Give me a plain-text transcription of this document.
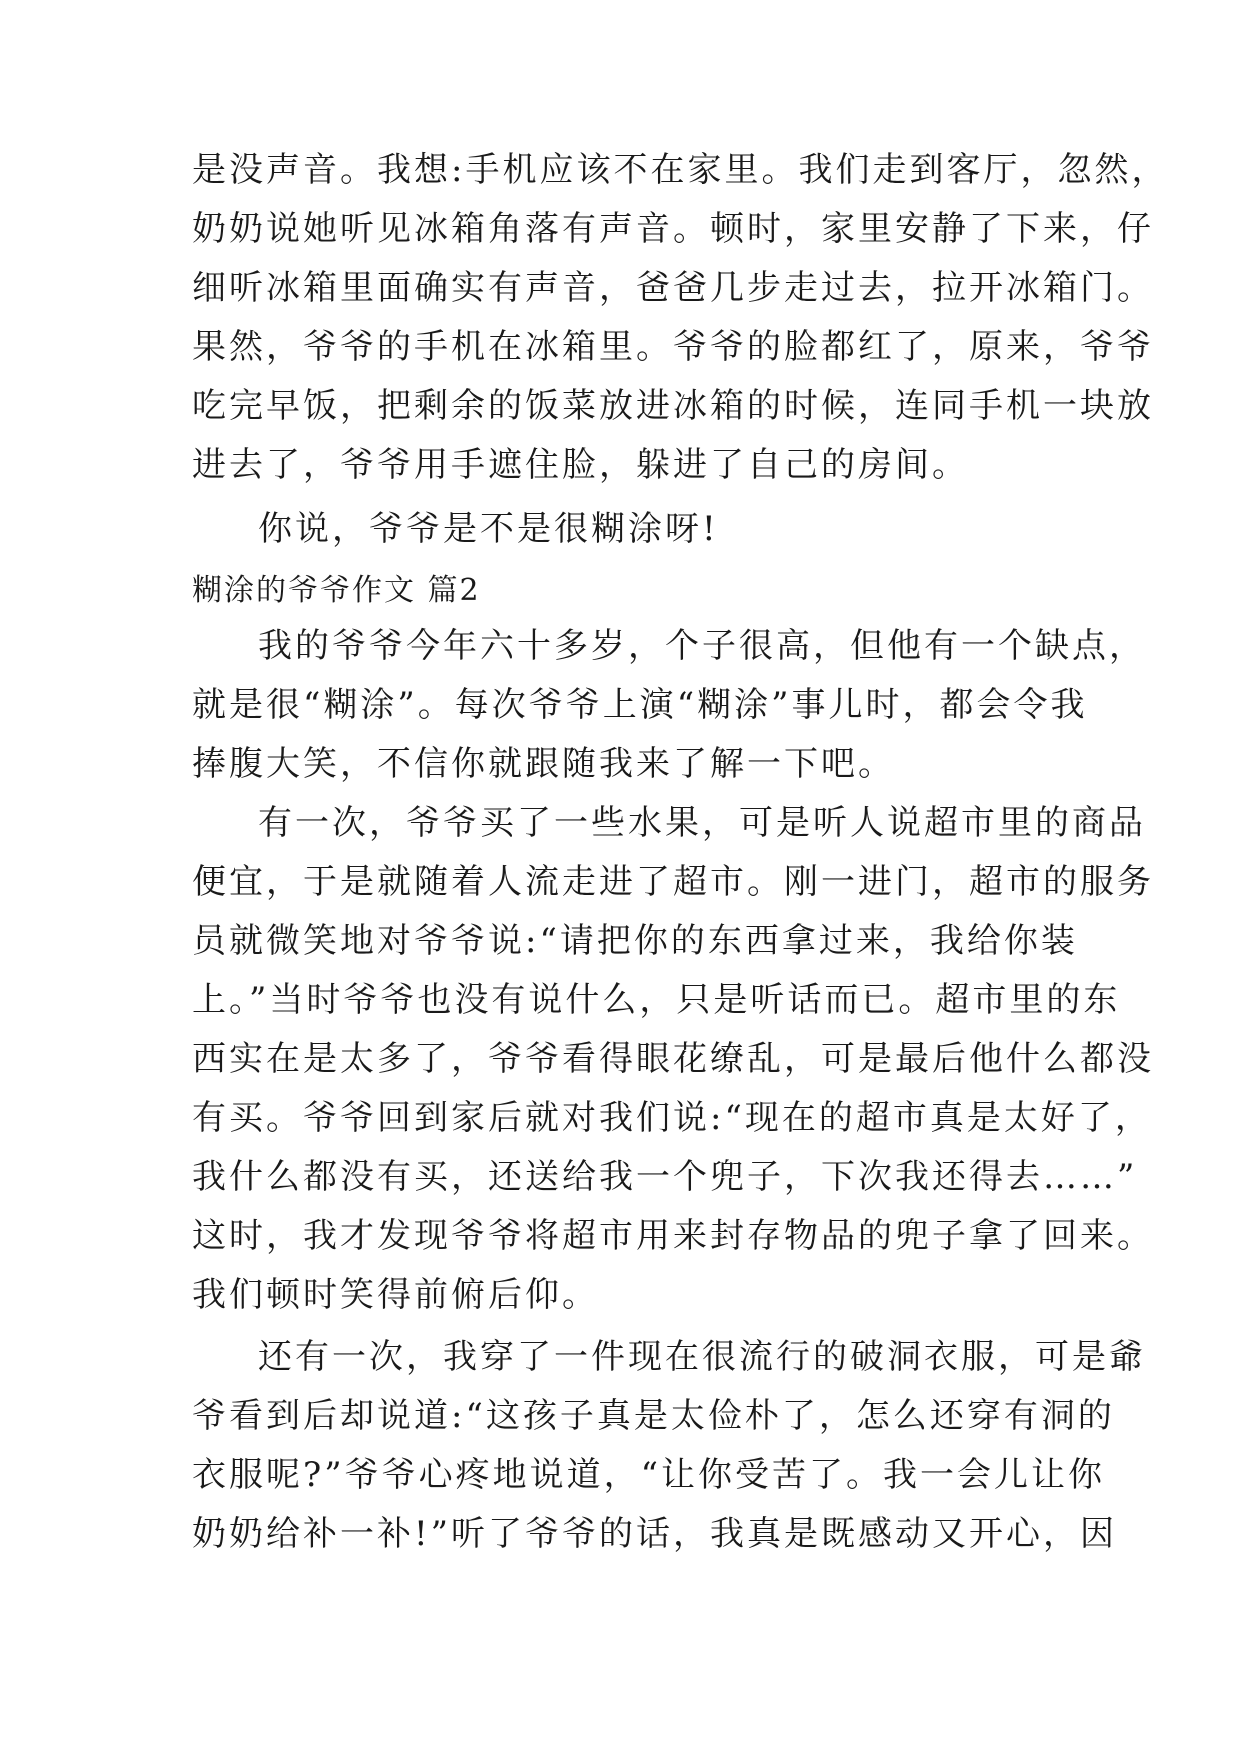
是没声音。我想:手机应该不在家里。我们走到客厅，忽然，
奶奶说她听见冰箱角落有声音。顿时，家里安静了下来，仔
细听冰箱里面确实有声音，爸爸几步走过去，拉开冰箱门。
果然，爷爷的手机在冰箱里。爷爷的脸都红了，原来，爷爷
吃完早饭，把剩余的饭菜放进冰箱的时候，连同手机一块放
进去了，爷爷用手遮住脸，躲进了自己的房间。
你说，爷爷是不是很糊涂呀!
糊涂的爷爷作文 篇2
我的爷爷今年六十多岁，个子很高，但他有一个缺点，
就是很“糊涂”。每次爷爷上演“糊涂”事儿时，都会令我
捧腹大笑，不信你就跟随我来了解一下吧。
有一次，爷爷买了一些水果，可是听人说超市里的商品
便宜，于是就随着人流走进了超市。刚一进门，超市的服务
员就微笑地对爷爷说:“请把你的东西拿过来，我给你装
上。”当时爷爷也没有说什么，只是听话而已。超市里的东
西实在是太多了，爷爷看得眼花缭乱，可是最后他什么都没
有买。爷爷回到家后就对我们说:“现在的超市真是太好了，
我什么都没有买，还送给我一个兜子，下次我还得去……”
这时，我才发现爷爷将超市用来封存物品的兜子拿了回来。
我们顿时笑得前俯后仰。
还有一次，我穿了一件现在很流行的破洞衣服，可是爺
爷看到后却说道:“这孩子真是太俭朴了，怎么还穿有洞的
衣服呢?”爷爷心疼地说道，“让你受苦了。我一会儿让你
奶奶给补一补!”听了爷爷的话，我真是既感动又开心，因
